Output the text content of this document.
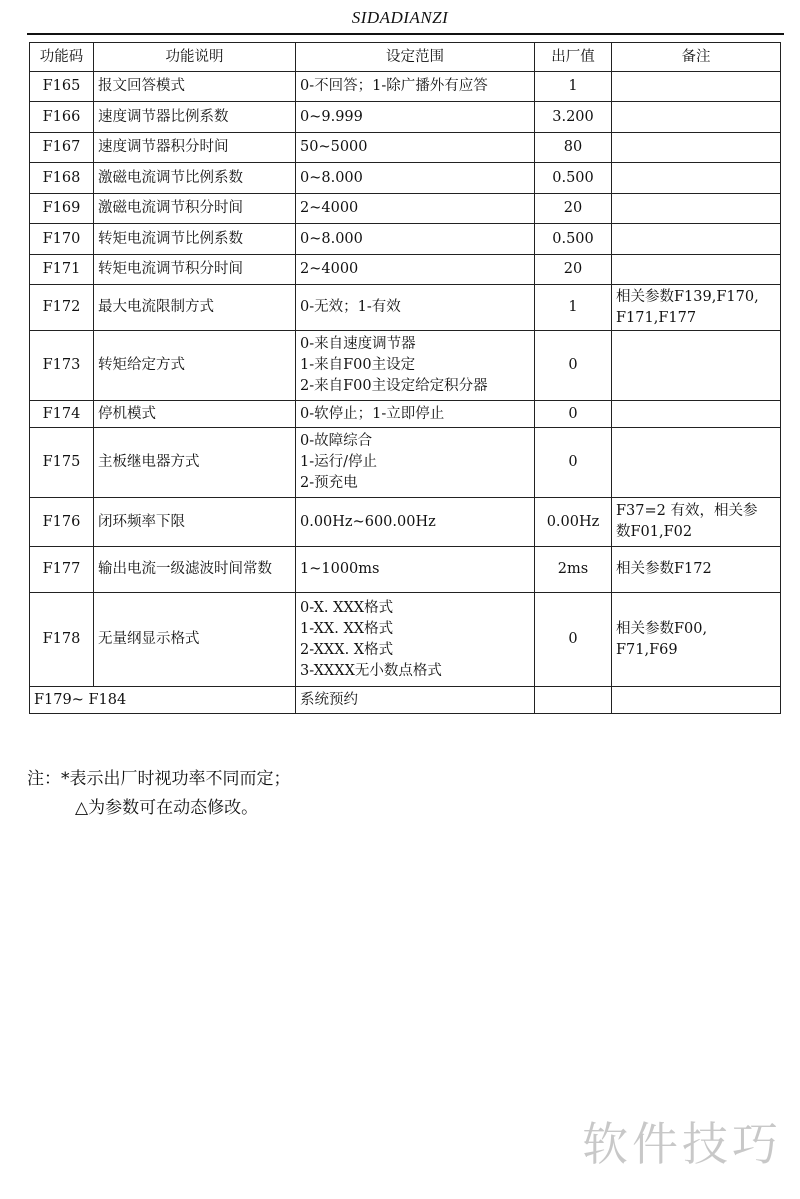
SIDADIANZI
功能码	功能说明	设定范围	出厂值	备注
F165	报文回答模式	0-不回答；1-除广播外有应答	1	
F166	速度调节器比例系数	0~9.999	3.200	
F167	速度调节器积分时间	50~5000	80	
F168	激磁电流调节比例系数	0~8.000	0.500	
F169	激磁电流调节积分时间	2~4000	20	
F170	转矩电流调节比例系数	0~8.000	0.500	
F171	转矩电流调节积分时间	2~4000	20	
F172	最大电流限制方式	0-无效；1-有效	1	相关参数F139,F170,
F171,F177

F173	转矩给定方式	0-来自速度调节器
1-来自F00主设定
2-来自F00主设定给定积分器	0	
F174	停机模式	0-软停止；1-立即停止	0	
F175	主板继电器方式	0-故障综合
1-运行/停止
2-预充电	0	
F176	闭环频率下限	0.00Hz~600.00Hz	0.00Hz	F37=2 有效，相关参
数F01,F02

F177	输出电流一级滤波时间常数	1~1000ms	2ms	相关参数F172

F178	无量纲显示格式	0-X. XXX格式
1-XX. XX格式
2-XXX. X格式
3-XXXX无小数点格式	0	相关参数F00,
F71,F69

F179~ F184		系统预约		
注：*表示出厂时视功率不同而定；
△为参数可在动态修改。
软件技巧
